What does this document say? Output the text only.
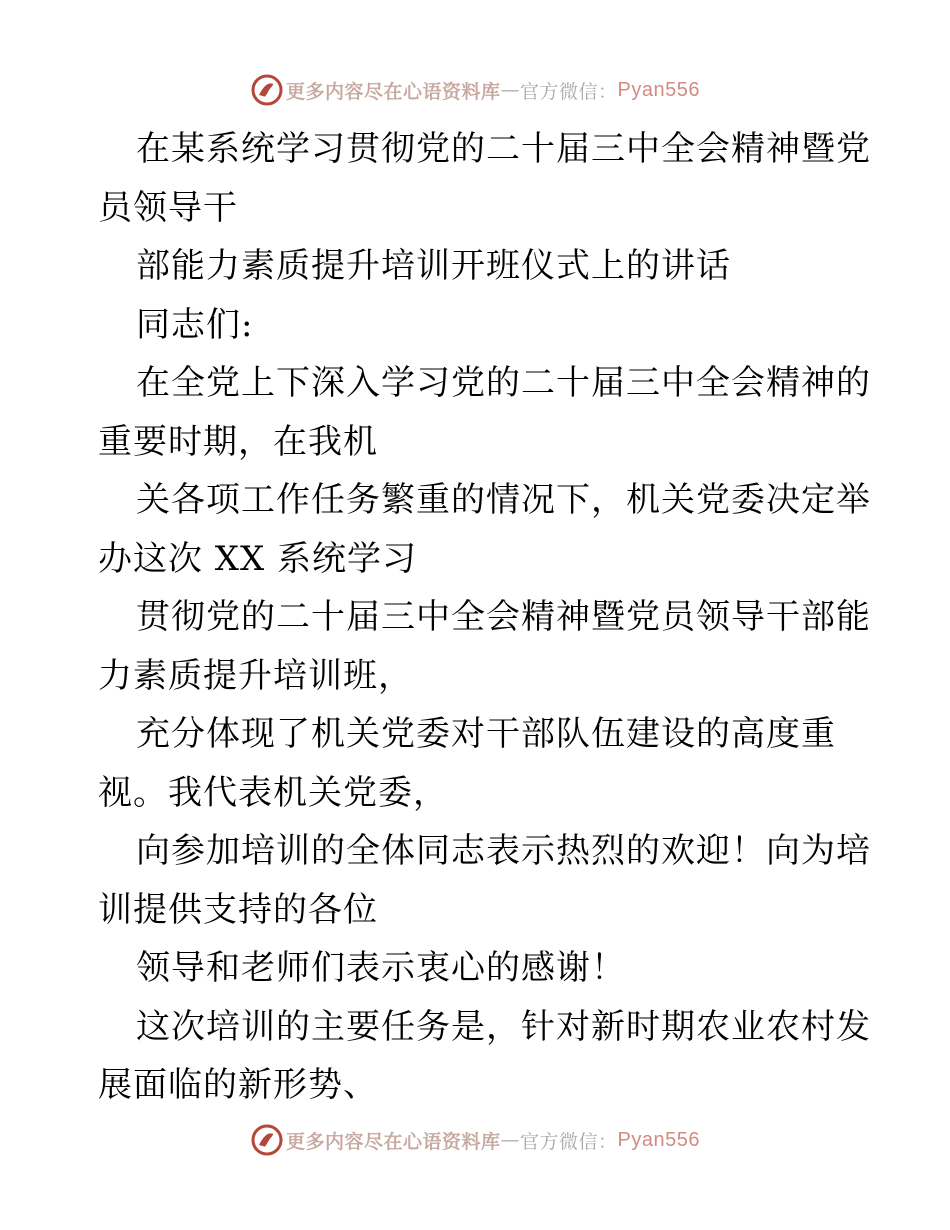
更多内容尽在心语资料库 — 官方微信： Pyan556
在某系统学习贯彻党的二十届三中全会精神暨党
员领导干
部能力素质提升培训开班仪式上的讲话
同志们:
在全党上下深入学习党的二十届三中全会精神的
重要时期，在我机
关各项工作任务繁重的情况下，机关党委决定举
办这次 XX 系统学习
贯彻党的二十届三中全会精神暨党员领导干部能
力素质提升培训班，
充分体现了机关党委对干部队伍建设的高度重
视。我代表机关党委，
向参加培训的全体同志表示热烈的欢迎！向为培
训提供支持的各位
领导和老师们表示衷心的感谢！
这次培训的主要任务是，针对新时期农业农村发
展面临的新形势、
更多内容尽在心语资料库 — 官方微信： Pyan556
